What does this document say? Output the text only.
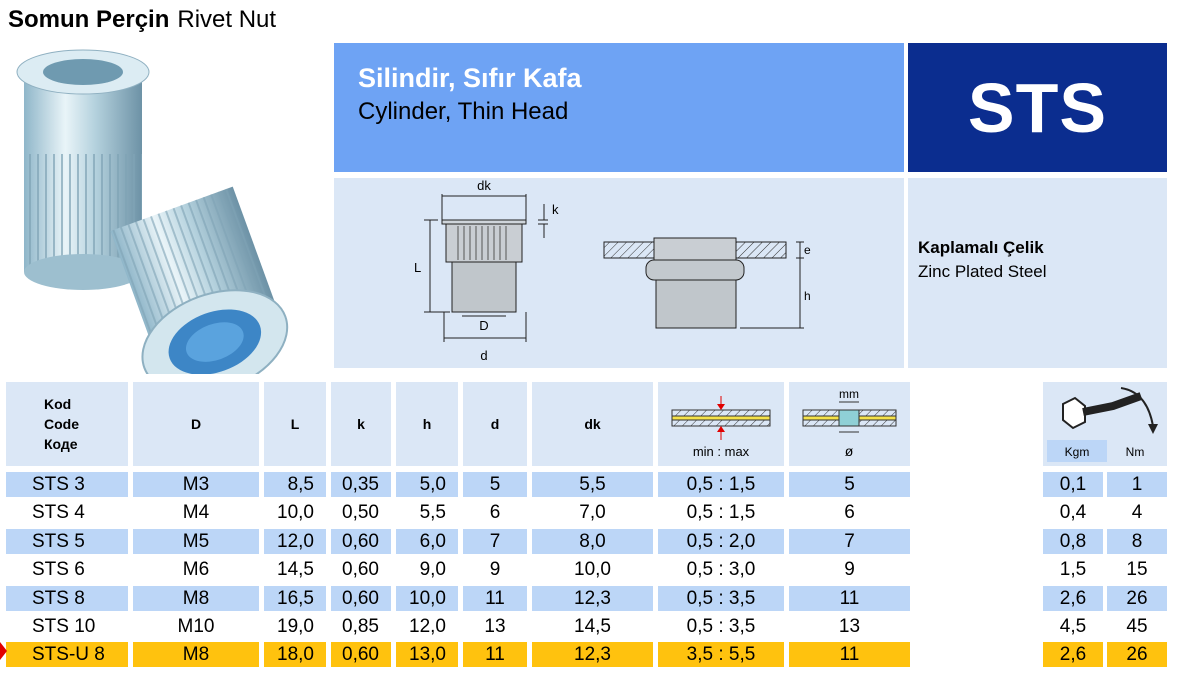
Somun Perçin Rivet Nut
Silindir, Sıfır Kafa
Cylinder, Thin Head	STS
dk
k
L
D
d
e
h
Kaplamalı Çelik
Zinc Plated Steel
Kod
Code
Коде
D	L	k	h	d	dk
min : max
mm
ø	Kgm	Nm
STS 3	M3	8,5	0,35	5,0	5	5,5	0,5 : 1,5	5	0,1	1
STS 4	M4	10,0	0,50	5,5	6	7,0	0,5 : 1,5	6	0,4	4
STS 5	M5	12,0	0,60	6,0	7	8,0	0,5 : 2,0	7	0,8	8
STS 6	M6	14,5	0,60	9,0	9	10,0	0,5 : 3,0	9	1,5	15
STS 8	M8	16,5	0,60	10,0	11	12,3	0,5 : 3,5	11	2,6	26
STS 10	M10	19,0	0,85	12,0	13	14,5	0,5 : 3,5	13	4,5	45
STS-U 8	M8	18,0	0,60	13,0	11	12,3	3,5 : 5,5	11	2,6	26
